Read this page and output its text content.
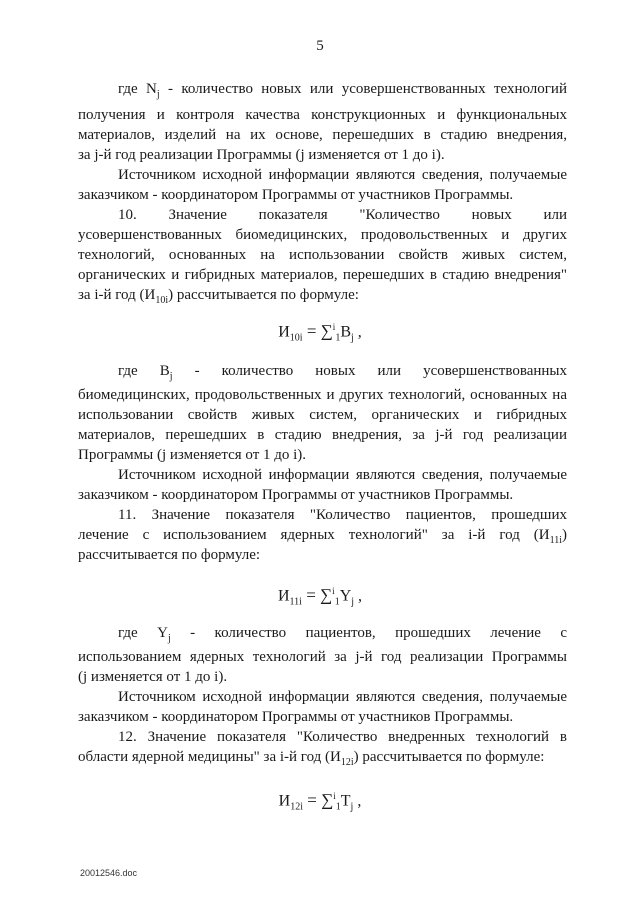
5
где $N_j$ - количество новых или усовершенствованных технологий
получения и контроля качества конструкционных и функциональных
материалов, изделий на их основе, перешедших в стадию внедрения,
за j-й год реализации Программы (j изменяется от 1 до i).
Источником исходной информации являются сведения, получаемые
заказчиком - координатором Программы от участников Программы.
10. Значение показателя "Количество новых или
усовершенствованных биомедицинских, продовольственных и других
технологий, основанных на использовании свойств живых систем,
органических и гибридных материалов, перешедших в стадию внедрения"
за i-й год $(И_{10i})$ рассчитывается по формуле:
$И_{10i} = \sum^i_1B_j$ ,
где $B_j$ - количество новых или усовершенствованных
биомедицинских, продовольственных и других технологий, основанных на
использовании свойств живых систем, органических и гибридных
материалов, перешедших в стадию внедрения, за j-й год реализации
Программы (j изменяется от 1 до i).
Источником исходной информации являются сведения, получаемые
заказчиком - координатором Программы от участников Программы.
11. Значение показателя "Количество пациентов, прошедших
лечение с использованием ядерных технологий" за i-й год $(И_{11i})$
рассчитывается по формуле:
$И_{11i} = \sum^i_1Y_j$ ,
где $Y_j$ - количество пациентов, прошедших лечение с
использованием ядерных технологий за j-й год реализации Программы
(j изменяется от 1 до i).
Источником исходной информации являются сведения, получаемые
заказчиком - координатором Программы от участников Программы.
12. Значение показателя "Количество внедренных технологий в
области ядерной медицины" за i-й год $(И_{12i})$ рассчитывается по формуле:
$И_{12i} = \sum^i_1T_j$ ,
20012546.doc
